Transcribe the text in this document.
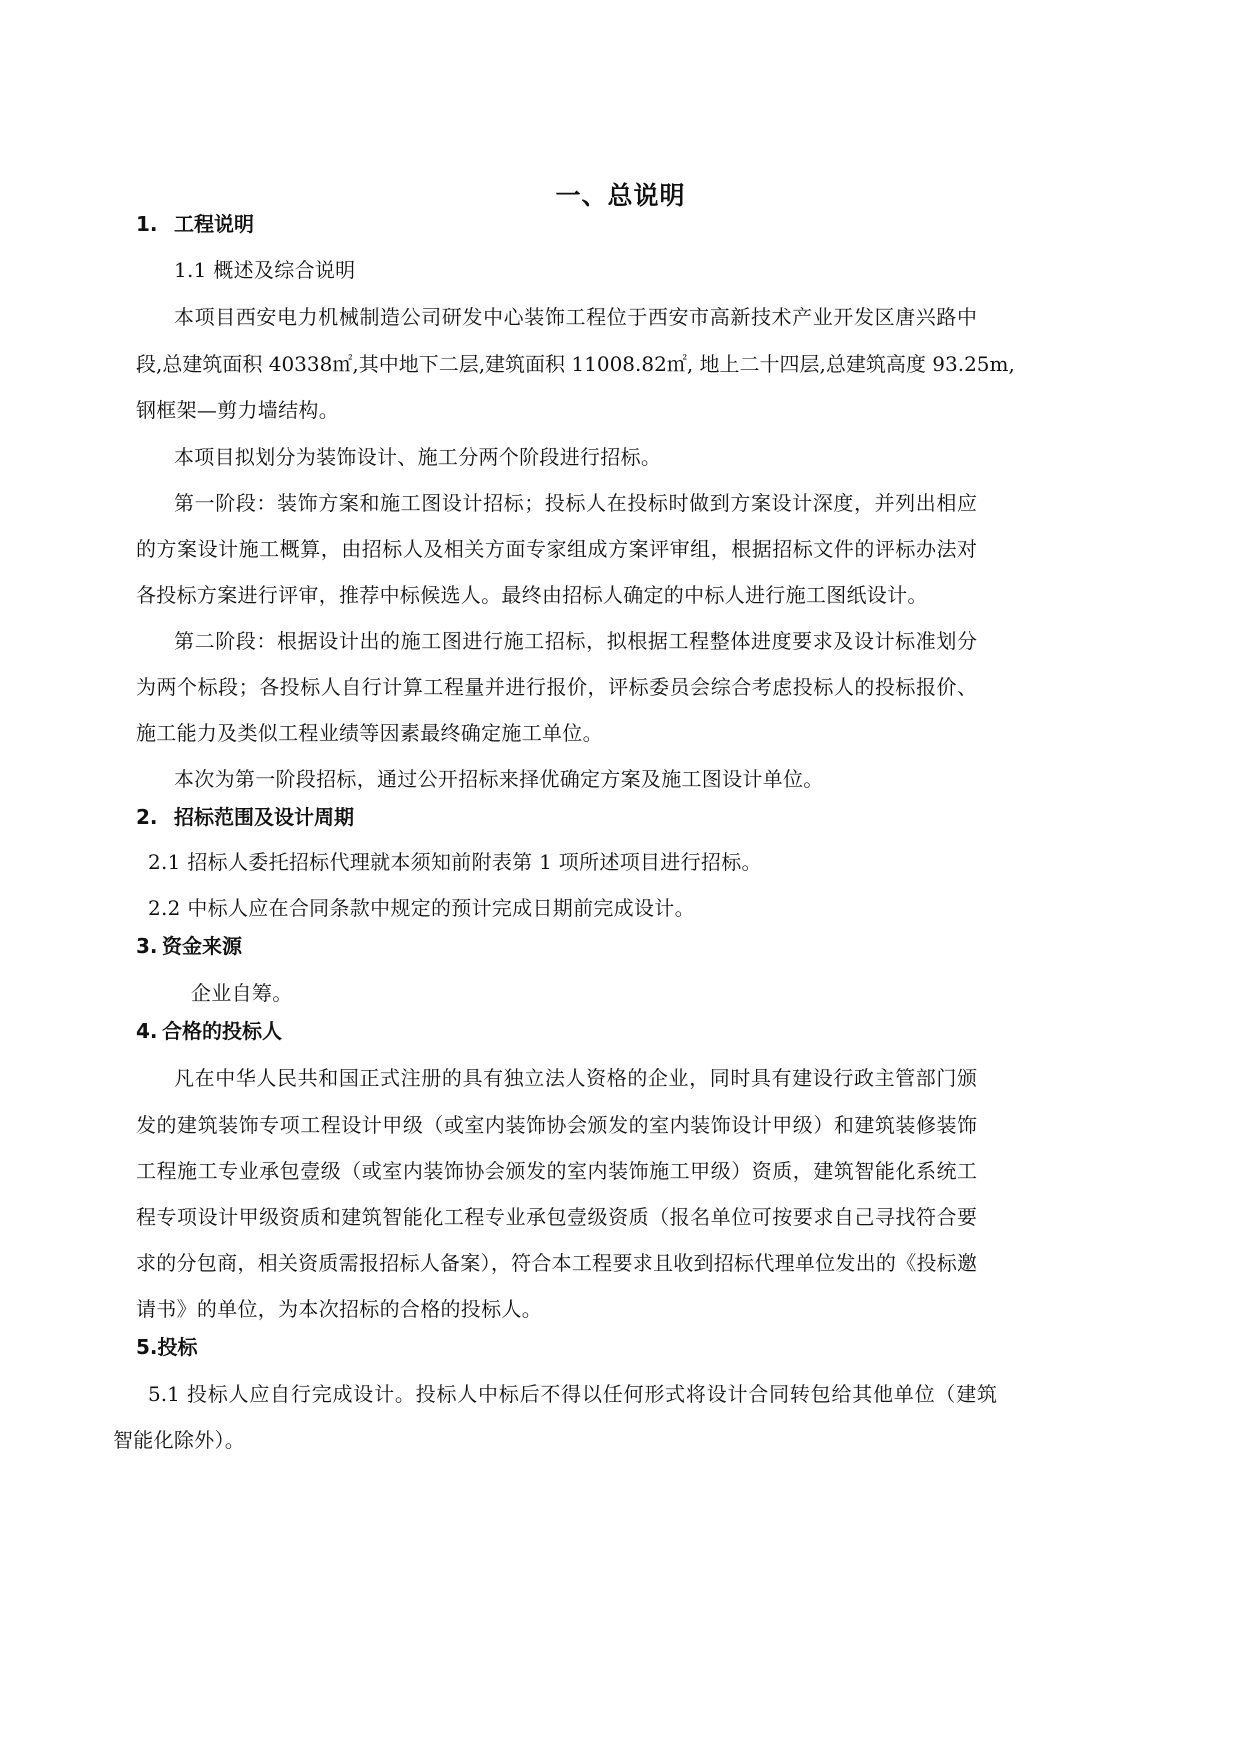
一、总说明
1. 工程说明
1.1 概述及综合说明
本项目西安电力机械制造公司研发中心装饰工程位于西安市高新技术产业开发区唐兴路中
段,总建筑面积 40338㎡,其中地下二层,建筑面积 11008.82㎡, 地上二十四层,总建筑高度 93.25m,
钢框架—剪力墙结构。
本项目拟划分为装饰设计、施工分两个阶段进行招标。
第一阶段：装饰方案和施工图设计招标；投标人在投标时做到方案设计深度，并列出相应
的方案设计施工概算，由招标人及相关方面专家组成方案评审组，根据招标文件的评标办法对
各投标方案进行评审，推荐中标候选人。最终由招标人确定的中标人进行施工图纸设计。
第二阶段：根据设计出的施工图进行施工招标，拟根据工程整体进度要求及设计标准划分
为两个标段；各投标人自行计算工程量并进行报价，评标委员会综合考虑投标人的投标报价、
施工能力及类似工程业绩等因素最终确定施工单位。
本次为第一阶段招标，通过公开招标来择优确定方案及施工图设计单位。
2. 招标范围及设计周期
2.1 招标人委托招标代理就本须知前附表第 1 项所述项目进行招标。
2.2 中标人应在合同条款中规定的预计完成日期前完成设计。
3. 资金来源
企业自筹。
4. 合格的投标人
凡在中华人民共和国正式注册的具有独立法人资格的企业，同时具有建设行政主管部门颁
发的建筑装饰专项工程设计甲级（或室内装饰协会颁发的室内装饰设计甲级）和建筑装修装饰
工程施工专业承包壹级（或室内装饰协会颁发的室内装饰施工甲级）资质，建筑智能化系统工
程专项设计甲级资质和建筑智能化工程专业承包壹级资质（报名单位可按要求自己寻找符合要
求的分包商，相关资质需报招标人备案），符合本工程要求且收到招标代理单位发出的《投标邀
请书》的单位，为本次招标的合格的投标人。
5.投标
5.1 投标人应自行完成设计。投标人中标后不得以任何形式将设计合同转包给其他单位（建筑
智能化除外）。
